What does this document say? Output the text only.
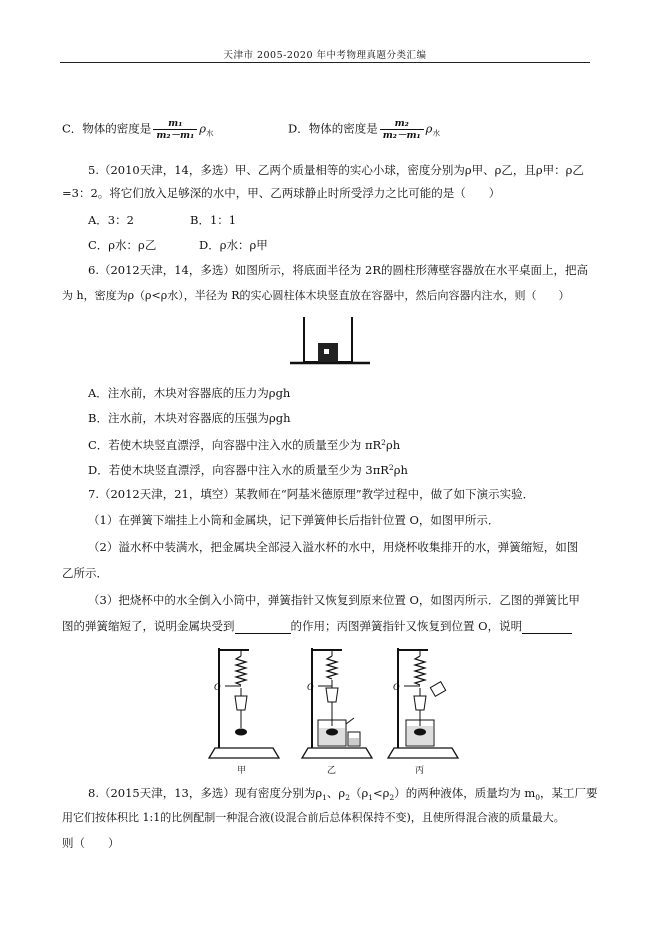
天津市 2005-2020 年中考物理真题分类汇编
C．物体的密度是 $\frac{\text{m₁}}{\text{m₂－m₁}} \rho_水$	D．物体的密度是 $\frac{\text{m₂}}{\text{m₂－m₁}} \rho_水$
5.（2010天津，14，多选）甲、乙两个质量相等的实心小球，密度分别为ρ甲、ρ乙，且ρ甲：ρ乙
=3：2。将它们放入足够深的水中，甲、乙两球静止时所受浮力之比可能的是（　　）
A．3：2	B．1：1
C．ρ水：ρ乙	D．ρ水：ρ甲
6.（2012天津，14，多选）如图所示，将底面半径为 2R的圆柱形薄壁容器放在水平桌面上，把高
为 h，密度为ρ（ρ<ρ水），半径为 R的实心圆柱体木块竖直放在容器中，然后向容器内注水，则（　　）
A．注水前，木块对容器底的压力为ρgh
B．注水前，木块对容器底的压强为ρgh
C．若使木块竖直漂浮，向容器中注入水的质量至少为 $\pi R^2\rho h$
D．若使木块竖直漂浮，向容器中注入水的质量至少为 $3\pi R^2\rho h$
7.（2012天津，21，填空）某教师在“阿基米德原理”教学过程中，做了如下演示实验．
（1）在弹簧下端挂上小筒和金属块，记下弹簧伸长后指针位置 O，如图甲所示．
（2）溢水杯中装满水，把金属块全部浸入溢水杯的水中，用烧杯收集排开的水，弹簧缩短，如图
乙所示．
（3）把烧杯中的水全倒入小筒中，弹簧指针又恢复到原来位置 O，如图丙所示．乙图的弹簧比甲
图的弹簧缩短了，说明金属块受到	的作用；丙图弹簧指针又恢复到位置 O，说明
O	O	O
甲	乙	丙
8.（2015天津，13，多选）现有密度分别为$\rho_1$、$\rho_2(\rho_1<\rho_2)$的两种液体，质量均为 $m_0$，某工厂要
用它们按体积比 1:1的比例配制一种混合液(设混合前后总体积保持不变)，且使所得混合液的质量最大。
则（　　）
